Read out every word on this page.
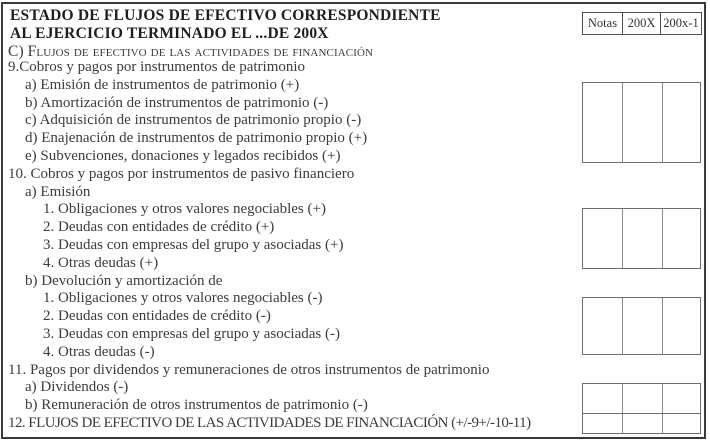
ESTADO DE FLUJOS DE EFECTIVO CORRESPONDIENTE
AL EJERCICIO TERMINADO EL ...DE 200X
C) Flujos de efectivo de las actividades de financiación
9.Cobros y pagos por instrumentos de patrimonio
a) Emisión de instrumentos de patrimonio (+)
b) Amortización de instrumentos de patrimonio (-)
c) Adquisición de instrumentos de patrimonio propio (-)
d) Enajenación de instrumentos de patrimonio propio (+)
e) Subvenciones, donaciones y legados recibidos (+)
10. Cobros y pagos por instrumentos de pasivo financiero
a) Emisión
1. Obligaciones y otros valores negociables (+)
2. Deudas con entidades de crédito (+)
3. Deudas con empresas del grupo y asociadas (+)
4. Otras deudas (+)
b) Devolución y amortización de
1. Obligaciones y otros valores negociables (-)
2. Deudas con entidades de crédito (-)
3. Deudas con empresas del grupo y asociadas (-)
4. Otras deudas (-)
11. Pagos por dividendos y remuneraciones de otros instrumentos de patrimonio
a) Dividendos (-)
b) Remuneración de otros instrumentos de patrimonio (-)
12. FLUJOS DE EFECTIVO DE LAS ACTIVIDADES DE FINANCIACIÓN (+/-9+/-10-11)
Notas 200X 200x-1
